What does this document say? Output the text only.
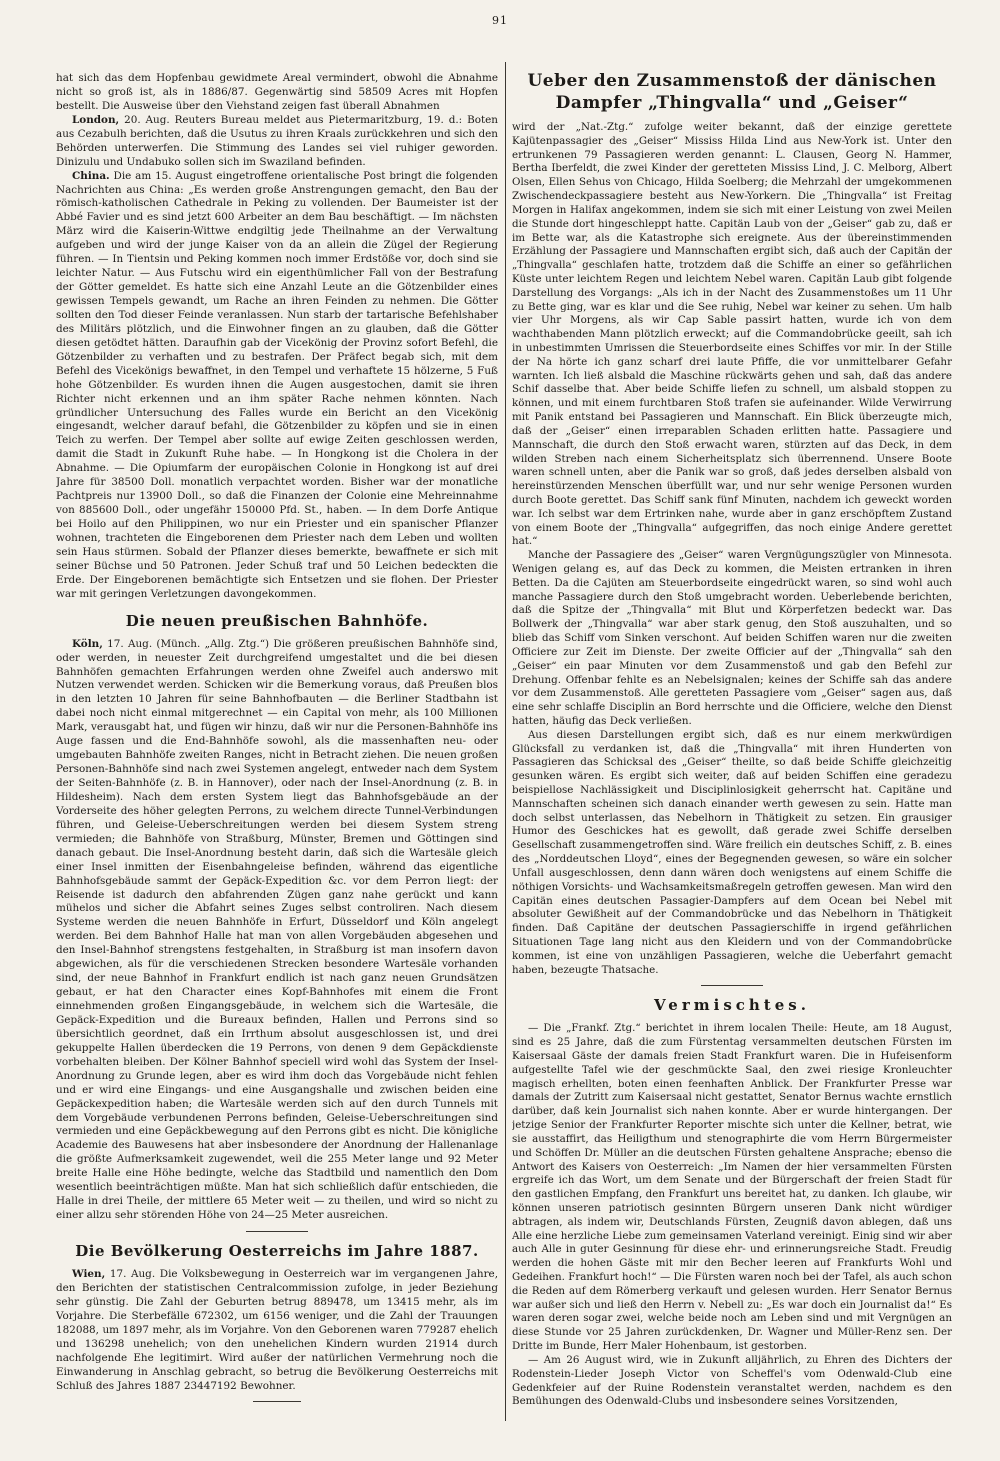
91

hat sich das dem Hopfenbau gewidmete Areal vermindert, obwohl die Abnahme nicht so groß ist, als in 1886/87. Gegenwärtig sind 58509 Acres mit Hopfen bestellt. Die Ausweise über den Viehstand zeigen fast überall Abnahmen

London, 20. Aug. Reuters Bureau meldet aus Pietermaritzburg, 19. d.: Boten aus Cezabulh berichten, daß die Usutus zu ihren Kraals zurückkehren und sich den Behörden unterwerfen. Die Stimmung des Landes sei viel ruhiger geworden. Dinizulu und Undabuko sollen sich im Swaziland befinden.

China. Die am 15. August eingetroffene orientalische Post bringt die folgenden Nachrichten aus China: „Es werden große Anstrengungen gemacht, den Bau der römisch-katholischen Cathedrale in Peking zu vollenden. Der Baumeister ist der Abbé Favier und es sind jetzt 600 Arbeiter an dem Bau beschäftigt. — Im nächsten März wird die Kaiserin-Wittwe endgiltig jede Theilnahme an der Verwaltung aufgeben und wird der junge Kaiser von da an allein die Zügel der Regierung führen. — In Tientsin und Peking kommen noch immer Erdstöße vor, doch sind sie leichter Natur. — Aus Futschu wird ein eigenthümlicher Fall von der Bestrafung der Götter gemeldet. Es hatte sich eine Anzahl Leute an die Götzenbilder eines gewissen Tempels gewandt, um Rache an ihren Feinden zu nehmen. Die Götter sollten den Tod dieser Feinde veranlassen. Nun starb der tartarische Befehlshaber des Militärs plötzlich, und die Einwohner fingen an zu glauben, daß die Götter diesen getödtet hätten. Daraufhin gab der Vicekönig der Provinz sofort Befehl, die Götzenbilder zu verhaften und zu bestrafen. Der Präfect begab sich, mit dem Befehl des Vicekönigs bewaffnet, in den Tempel und verhaftete 15 hölzerne, 5 Fuß hohe Götzenbilder. Es wurden ihnen die Augen ausgestochen, damit sie ihren Richter nicht erkennen und an ihm später Rache nehmen könnten. Nach gründlicher Untersuchung des Falles wurde ein Bericht an den Vicekönig eingesandt, welcher darauf befahl, die Götzenbilder zu köpfen und sie in einen Teich zu werfen. Der Tempel aber sollte auf ewige Zeiten geschlossen werden, damit die Stadt in Zukunft Ruhe habe. — In Hongkong ist die Cholera in der Abnahme. — Die Opiumfarm der europäischen Colonie in Hongkong ist auf drei Jahre für 38500 Doll. monatlich verpachtet worden. Bisher war der monatliche Pachtpreis nur 13900 Doll., so daß die Finanzen der Colonie eine Mehreinnahme von 885600 Doll., oder ungefähr 150000 Pfd. St., haben. — In dem Dorfe Antique bei Hoilo auf den Philippinen, wo nur ein Priester und ein spanischer Pflanzer wohnen, trachteten die Eingeborenen dem Priester nach dem Leben und wollten sein Haus stürmen. Sobald der Pflanzer dieses bemerkte, bewaffnete er sich mit seiner Büchse und 50 Patronen. Jeder Schuß traf und 50 Leichen bedeckten die Erde. Der Eingeborenen bemächtigte sich Entsetzen und sie flohen. Der Priester war mit geringen Verletzungen davongekommen.

Die neuen preußischen Bahnhöfe.

Köln, 17. Aug. (Münch. „Allg. Ztg.“) Die größeren preußischen Bahnhöfe sind, oder werden, in neuester Zeit durchgreifend umgestaltet und die bei diesen Bahnhöfen gemachten Erfahrungen werden ohne Zweifel auch anderswo mit Nutzen verwendet werden. Schicken wir die Bemerkung voraus, daß Preußen blos in den letzten 10 Jahren für seine Bahnhofbauten — die Berliner Stadtbahn ist dabei noch nicht einmal mitgerechnet — ein Capital von mehr, als 100 Millionen Mark, verausgabt hat, und fügen wir hinzu, daß wir nur die Personen-Bahnhöfe ins Auge fassen und die End-Bahnhöfe sowohl, als die massenhaften neu- oder umgebauten Bahnhöfe zweiten Ranges, nicht in Betracht ziehen. Die neuen großen Personen-Bahnhöfe sind nach zwei Systemen angelegt, entweder nach dem System der Seiten-Bahnhöfe (z. B. in Hannover), oder nach der Insel-Anordnung (z. B. in Hildesheim). Nach dem ersten System liegt das Bahnhofsgebäude an der Vorderseite des höher gelegten Perrons, zu welchem directe Tunnel-Verbindungen führen, und Geleise-Ueberschreitungen werden bei diesem System streng vermieden; die Bahnhöfe von Straßburg, Münster, Bremen und Göttingen sind danach gebaut. Die Insel-Anordnung besteht darin, daß sich die Wartesäle gleich einer Insel inmitten der Eisenbahngeleise befinden, während das eigentliche Bahnhofsgebäude sammt der Gepäck-Expedition &c. vor dem Perron liegt: der Reisende ist dadurch den abfahrenden Zügen ganz nahe gerückt und kann mühelos und sicher die Abfahrt seines Zuges selbst controliren. Nach diesem Systeme werden die neuen Bahnhöfe in Erfurt, Düsseldorf und Köln angelegt werden. Bei dem Bahnhof Halle hat man von allen Vorgebäuden abgesehen und den Insel-Bahnhof strengstens festgehalten, in Straßburg ist man insofern davon abgewichen, als für die verschiedenen Strecken besondere Wartesäle vorhanden sind, der neue Bahnhof in Frankfurt endlich ist nach ganz neuen Grundsätzen gebaut, er hat den Character eines Kopf-Bahnhofes mit einem die Front einnehmenden großen Eingangsgebäude, in welchem sich die Wartesäle, die Gepäck-Expedition und die Bureaux befinden, Hallen und Perrons sind so übersichtlich geordnet, daß ein Irrthum absolut ausgeschlossen ist, und drei gekuppelte Hallen überdecken die 19 Perrons, von denen 9 dem Gepäckdienste vorbehalten bleiben. Der Kölner Bahnhof speciell wird wohl das System der Insel-Anordnung zu Grunde legen, aber es wird ihm doch das Vorgebäude nicht fehlen und er wird eine Eingangs- und eine Ausgangshalle und zwischen beiden eine Gepäckexpedition haben; die Wartesäle werden sich auf den durch Tunnels mit dem Vorgebäude verbundenen Perrons befinden, Geleise-Ueberschreitungen sind vermieden und eine Gepäckbewegung auf den Perrons gibt es nicht. Die königliche Academie des Bauwesens hat aber insbesondere der Anordnung der Hallenanlage die größte Aufmerksamkeit zugewendet, weil die 255 Meter lange und 92 Meter breite Halle eine Höhe bedingte, welche das Stadtbild und namentlich den Dom wesentlich beeinträchtigen müßte. Man hat sich schließlich dafür entschieden, die Halle in drei Theile, der mittlere 65 Meter weit — zu theilen, und wird so nicht zu einer allzu sehr störenden Höhe von 24—25 Meter ausreichen.

Die Bevölkerung Oesterreichs im Jahre 1887.

Wien, 17. Aug. Die Volksbewegung in Oesterreich war im vergangenen Jahre, den Berichten der statistischen Centralcommission zufolge, in jeder Beziehung sehr günstig. Die Zahl der Geburten betrug 889478, um 13415 mehr, als im Vorjahre. Die Sterbefälle 672302, um 6156 weniger, und die Zahl der Trauungen 182088, um 1897 mehr, als im Vorjahre. Von den Geborenen waren 779287 ehelich und 136298 unehelich; von den unehelichen Kindern wurden 21914 durch nachfolgende Ehe legitimirt. Wird außer der natürlichen Vermehrung noch die Einwanderung in Anschlag gebracht, so betrug die Bevölkerung Oesterreichs mit Schluß des Jahres 1887 23447192 Bewohner.

Ueber den Zusammenstoß der dänischen Dampfer „Thingvalla“ und „Geiser“

wird der „Nat.-Ztg.“ zufolge weiter bekannt, daß der einzige gerettete Kajütenpassagier des „Geiser“ Mississ Hilda Lind aus New-York ist. Unter den ertrunkenen 79 Passagieren werden genannt: L. Clausen, Georg N. Hammer, Bertha Iberfeldt, die zwei Kinder der geretteten Mississ Lind, J. C. Melborg, Albert Olsen, Ellen Sehus von Chicago, Hilda Soelberg; die Mehrzahl der umgekommenen Zwischendeckpassagiere besteht aus New-Yorkern. Die „Thingvalla“ ist Freitag Morgen in Halifax angekommen, indem sie sich mit einer Leistung von zwei Meilen die Stunde dort hingeschleppt hatte. Capitän Laub von der „Geiser“ gab zu, daß er im Bette war, als die Katastrophe sich ereignete. Aus der übereinstimmenden Erzählung der Passagiere und Mannschaften ergibt sich, daß auch der Capitän der „Thingvalla“ geschlafen hatte, trotzdem daß die Schiffe an einer so gefährlichen Küste unter leichtem Regen und leichtem Nebel waren. Capitän Laub gibt folgende Darstellung des Vorgangs: „Als ich in der Nacht des Zusammenstoßes um 11 Uhr zu Bette ging, war es klar und die See ruhig, Nebel war keiner zu sehen. Um halb vier Uhr Morgens, als wir Cap Sable passirt hatten, wurde ich von dem wachthabenden Mann plötzlich erweckt; auf die Commandobrücke geeilt, sah ich in unbestimmten Umrissen die Steuerbordseite eines Schiffes vor mir. In der Stille der Na hörte ich ganz scharf drei laute Pfiffe, die vor unmittelbarer Gefahr warnten. Ich ließ alsbald die Maschine rückwärts gehen und sah, daß das andere Schif dasselbe that. Aber beide Schiffe liefen zu schnell, um alsbald stoppen zu können, und mit einem furchtbaren Stoß trafen sie aufeinander. Wilde Verwirrung mit Panik entstand bei Passagieren und Mannschaft. Ein Blick überzeugte mich, daß der „Geiser“ einen irreparablen Schaden erlitten hatte. Passagiere und Mannschaft, die durch den Stoß erwacht waren, stürzten auf das Deck, in dem wilden Streben nach einem Sicherheitsplatz sich überrennend. Unsere Boote waren schnell unten, aber die Panik war so groß, daß jedes derselben alsbald von hereinstürzenden Menschen überfüllt war, und nur sehr wenige Personen wurden durch Boote gerettet. Das Schiff sank fünf Minuten, nachdem ich geweckt worden war. Ich selbst war dem Ertrinken nahe, wurde aber in ganz erschöpftem Zustand von einem Boote der „Thingvalla“ aufgegriffen, das noch einige Andere gerettet hat.“

Manche der Passagiere des „Geiser“ waren Vergnügungszügler von Minnesota. Wenigen gelang es, auf das Deck zu kommen, die Meisten ertranken in ihren Betten. Da die Cajüten am Steuerbordseite eingedrückt waren, so sind wohl auch manche Passagiere durch den Stoß umgebracht worden. Ueberlebende berichten, daß die Spitze der „Thingvalla“ mit Blut und Körperfetzen bedeckt war. Das Bollwerk der „Thingvalla“ war aber stark genug, den Stoß auszuhalten, und so blieb das Schiff vom Sinken verschont. Auf beiden Schiffen waren nur die zweiten Officiere zur Zeit im Dienste. Der zweite Officier auf der „Thingvalla“ sah den „Geiser“ ein paar Minuten vor dem Zusammenstoß und gab den Befehl zur Drehung. Offenbar fehlte es an Nebelsignalen; keines der Schiffe sah das andere vor dem Zusammenstoß. Alle geretteten Passagiere vom „Geiser“ sagen aus, daß eine sehr schlaffe Disciplin an Bord herrschte und die Officiere, welche den Dienst hatten, häufig das Deck verließen.

Aus diesen Darstellungen ergibt sich, daß es nur einem merkwürdigen Glücksfall zu verdanken ist, daß die „Thingvalla“ mit ihren Hunderten von Passagieren das Schicksal des „Geiser“ theilte, so daß beide Schiffe gleichzeitig gesunken wären. Es ergibt sich weiter, daß auf beiden Schiffen eine geradezu beispiellose Nachlässigkeit und Disciplinlosigkeit geherrscht hat. Capitäne und Mannschaften scheinen sich danach einander werth gewesen zu sein. Hatte man doch selbst unterlassen, das Nebelhorn in Thätigkeit zu setzen. Ein grausiger Humor des Geschickes hat es gewollt, daß gerade zwei Schiffe derselben Gesellschaft zusammengetroffen sind. Wäre freilich ein deutsches Schiff, z. B. eines des „Norddeutschen Lloyd“, eines der Begegnenden gewesen, so wäre ein solcher Unfall ausgeschlossen, denn dann wären doch wenigstens auf einem Schiffe die nöthigen Vorsichts- und Wachsamkeitsmaßregeln getroffen gewesen. Man wird den Capitän eines deutschen Passagier-Dampfers auf dem Ocean bei Nebel mit absoluter Gewißheit auf der Commandobrücke und das Nebelhorn in Thätigkeit finden. Daß Capitäne der deutschen Passagierschiffe in irgend gefährlichen Situationen Tage lang nicht aus den Kleidern und von der Commandobrücke kommen, ist eine von unzähligen Passagieren, welche die Ueberfahrt gemacht haben, bezeugte Thatsache.

Vermischtes.

— Die „Frankf. Ztg.“ berichtet in ihrem localen Theile: Heute, am 18 August, sind es 25 Jahre, daß die zum Fürstentag versammelten deutschen Fürsten im Kaisersaal Gäste der damals freien Stadt Frankfurt waren. Die in Hufeisenform aufgestellte Tafel wie der geschmückte Saal, den zwei riesige Kronleuchter magisch erhellten, boten einen feenhaften Anblick. Der Frankfurter Presse war damals der Zutritt zum Kaisersaal nicht gestattet, Senator Bernus wachte ernstlich darüber, daß kein Journalist sich nahen konnte. Aber er wurde hintergangen. Der jetzige Senior der Frankfurter Reporter mischte sich unter die Kellner, betrat, wie sie ausstaffirt, das Heiligthum und stenographirte die vom Herrn Bürgermeister und Schöffen Dr. Müller an die deutschen Fürsten gehaltene Ansprache; ebenso die Antwort des Kaisers von Oesterreich: „Im Namen der hier versammelten Fürsten ergreife ich das Wort, um dem Senate und der Bürgerschaft der freien Stadt für den gastlichen Empfang, den Frankfurt uns bereitet hat, zu danken. Ich glaube, wir können unseren patriotisch gesinnten Bürgern unseren Dank nicht würdiger abtragen, als indem wir, Deutschlands Fürsten, Zeugniß davon ablegen, daß uns Alle eine herzliche Liebe zum gemeinsamen Vaterland vereinigt. Einig sind wir aber auch Alle in guter Gesinnung für diese ehr- und erinnerungsreiche Stadt. Freudig werden die hohen Gäste mit mir den Becher leeren auf Frankfurts Wohl und Gedeihen. Frankfurt hoch!“ — Die Fürsten waren noch bei der Tafel, als auch schon die Reden auf dem Römerberg verkauft und gelesen wurden. Herr Senator Bernus war außer sich und ließ den Herrn v. Nebell zu: „Es war doch ein Journalist da!“ Es waren deren sogar zwei, welche beide noch am Leben sind und mit Vergnügen an diese Stunde vor 25 Jahren zurückdenken, Dr. Wagner und Müller-Renz sen. Der Dritte im Bunde, Herr Maler Hohenbaum, ist gestorben.

— Am 26 August wird, wie in Zukunft alljährlich, zu Ehren des Dichters der Rodenstein-Lieder Joseph Victor von Scheffel's vom Odenwald-Club eine Gedenkfeier auf der Ruine Rodenstein veranstaltet werden, nachdem es den Bemühungen des Odenwald-Clubs und insbesondere seines Vorsitzenden,
